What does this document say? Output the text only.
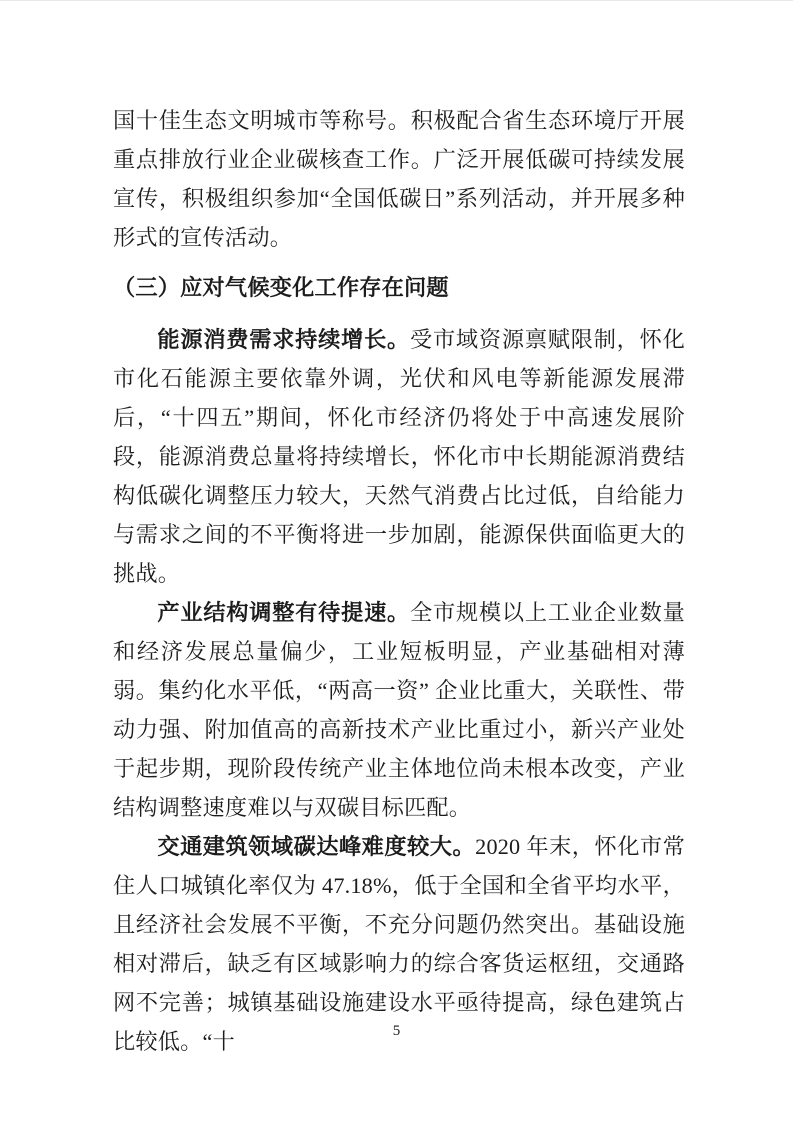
国十佳生态文明城市等称号。积极配合省生态环境厅开展重点排放行业企业碳核查工作。广泛开展低碳可持续发展宣传，积极组织参加“全国低碳日”系列活动，并开展多种形式的宣传活动。

（三）应对气候变化工作存在问题

能源消费需求持续增长。受市域资源禀赋限制，怀化市化石能源主要依靠外调，光伏和风电等新能源发展滞后，“十四五”期间，怀化市经济仍将处于中高速发展阶段，能源消费总量将持续增长，怀化市中长期能源消费结构低碳化调整压力较大，天然气消费占比过低，自给能力与需求之间的不平衡将进一步加剧，能源保供面临更大的挑战。

产业结构调整有待提速。全市规模以上工业企业数量和经济发展总量偏少，工业短板明显，产业基础相对薄弱。集约化水平低，“两高一资” 企业比重大，关联性、带动力强、附加值高的高新技术产业比重过小，新兴产业处于起步期，现阶段传统产业主体地位尚未根本改变，产业结构调整速度难以与双碳目标匹配。

交通建筑领域碳达峰难度较大。2020 年末，怀化市常住人口城镇化率仅为 47.18%，低于全国和全省平均水平，且经济社会发展不平衡，不充分问题仍然突出。基础设施相对滞后，缺乏有区域影响力的综合客货运枢纽，交通路网不完善；城镇基础设施建设水平亟待提高，绿色建筑占比较低。“十	5
